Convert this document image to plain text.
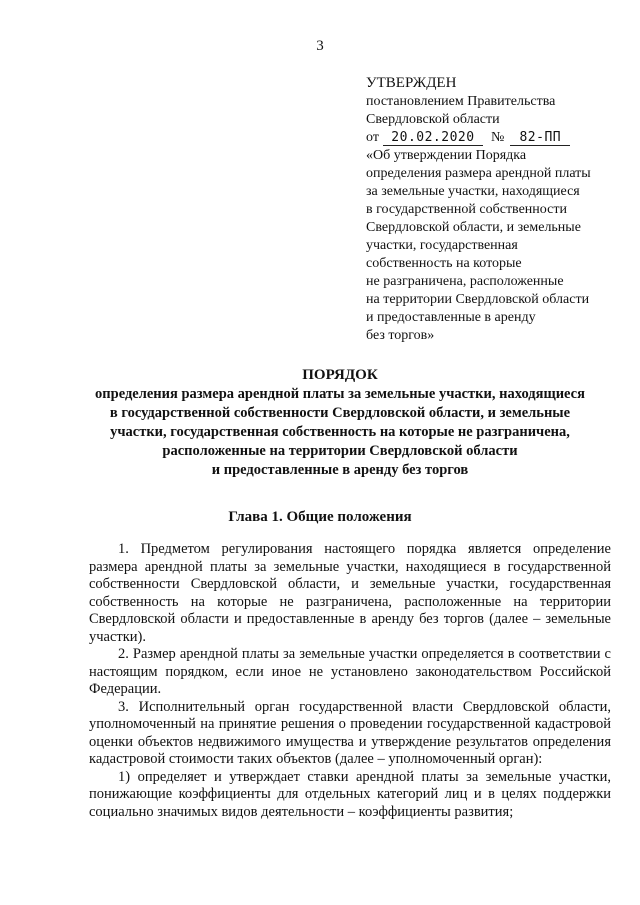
3
УТВЕРЖДЕН
постановлением Правительства
Свердловской области
от 20.02.2020 № 82-ПП
«Об утверждении Порядка
определения размера арендной платы
за земельные участки, находящиеся
в государственной собственности
Свердловской области, и земельные
участки, государственная
собственность на которые
не разграничена, расположенные
на территории Свердловской области
и предоставленные в аренду
без торгов»
ПОРЯДОК
определения размера арендной платы за земельные участки, находящиеся
в государственной собственности Свердловской области, и земельные
участки, государственная собственность на которые не разграничена,
расположенные на территории Свердловской области
и предоставленные в аренду без торгов
Глава 1. Общие положения

1. Предметом регулирования настоящего порядка является определение размера арендной платы за земельные участки, находящиеся в государственной собственности Свердловской области, и земельные участки, государственная собственность на которые не разграничена, расположенные на территории Свердловской области и предоставленные в аренду без торгов (далее – земельные участки).

2. Размер арендной платы за земельные участки определяется в соответствии с настоящим порядком, если иное не установлено законодательством Российской Федерации.

3. Исполнительный орган государственной власти Свердловской области, уполномоченный на принятие решения о проведении государственной кадастровой оценки объектов недвижимого имущества и утверждение результатов определения кадастровой стоимости таких объектов (далее – уполномоченный орган):

1) определяет и утверждает ставки арендной платы за земельные участки, понижающие коэффициенты для отдельных категорий лиц и в целях поддержки социально значимых видов деятельности – коэффициенты развития;
